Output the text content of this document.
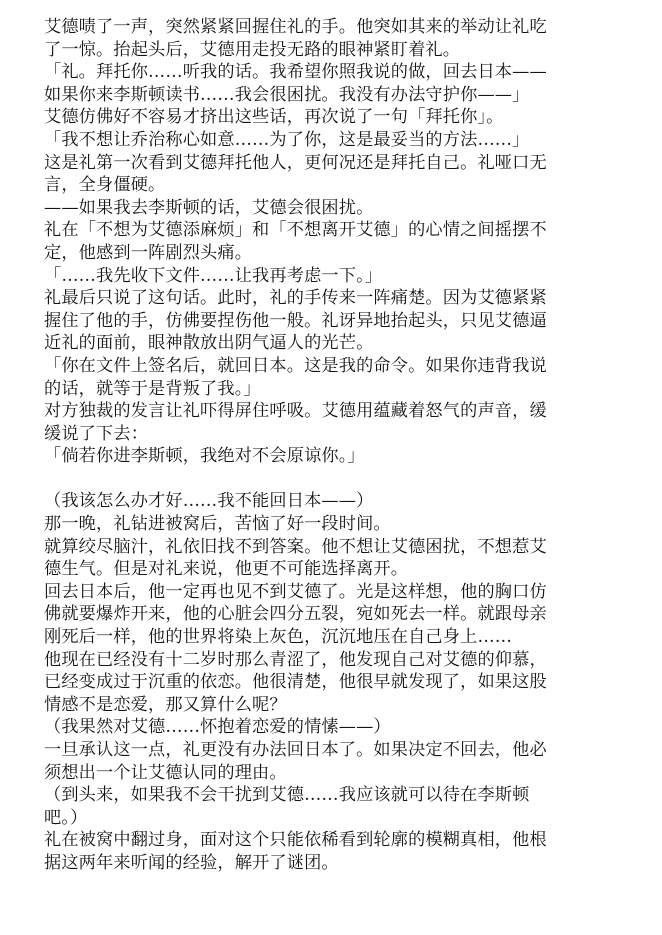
艾德啧了一声，突然紧紧回握住礼的手。他突如其来的举动让礼吃
了一惊。抬起头后，艾德用走投无路的眼神紧盯着礼。
「礼。拜托你……听我的话。我希望你照我说的做，回去日本——
如果你来李斯顿读书……我会很困扰。我没有办法守护你——」
艾德仿佛好不容易才挤出这些话，再次说了一句「拜托你」。
「我不想让乔治称心如意……为了你，这是最妥当的方法……」
这是礼第一次看到艾德拜托他人，更何况还是拜托自己。礼哑口无
言，全身僵硬。
——如果我去李斯顿的话，艾德会很困扰。
礼在「不想为艾德添麻烦」和「不想离开艾德」的心情之间摇摆不
定，他感到一阵剧烈头痛。
「……我先收下文件……让我再考虑一下。」
礼最后只说了这句话。此时，礼的手传来一阵痛楚。因为艾德紧紧
握住了他的手，仿佛要捏伤他一般。礼讶异地抬起头，只见艾德逼
近礼的面前，眼神散放出阴气逼人的光芒。
「你在文件上签名后，就回日本。这是我的命令。如果你违背我说
的话，就等于是背叛了我。」
对方独裁的发言让礼吓得屏住呼吸。艾德用蕴藏着怒气的声音，缓
缓说了下去：
「倘若你进李斯顿，我绝对不会原谅你。」
（我该怎么办才好……我不能回日本——）
那一晚，礼钻进被窝后，苦恼了好一段时间。
就算绞尽脑汁，礼依旧找不到答案。他不想让艾德困扰，不想惹艾
德生气。但是对礼来说，他更不可能选择离开。
回去日本后，他一定再也见不到艾德了。光是这样想，他的胸口仿
佛就要爆炸开来，他的心脏会四分五裂，宛如死去一样。就跟母亲
刚死后一样，他的世界将染上灰色，沉沉地压在自己身上……
他现在已经没有十二岁时那么青涩了，他发现自己对艾德的仰慕，
已经变成过于沉重的依恋。他很清楚，他很早就发现了，如果这股
情感不是恋爱，那又算什么呢？
（我果然对艾德……怀抱着恋爱的情愫——）
一旦承认这一点，礼更没有办法回日本了。如果决定不回去，他必
须想出一个让艾德认同的理由。
（到头来，如果我不会干扰到艾德……我应该就可以待在李斯顿
吧。）
礼在被窝中翻过身，面对这个只能依稀看到轮廓的模糊真相，他根
据这两年来听闻的经验，解开了谜团。
